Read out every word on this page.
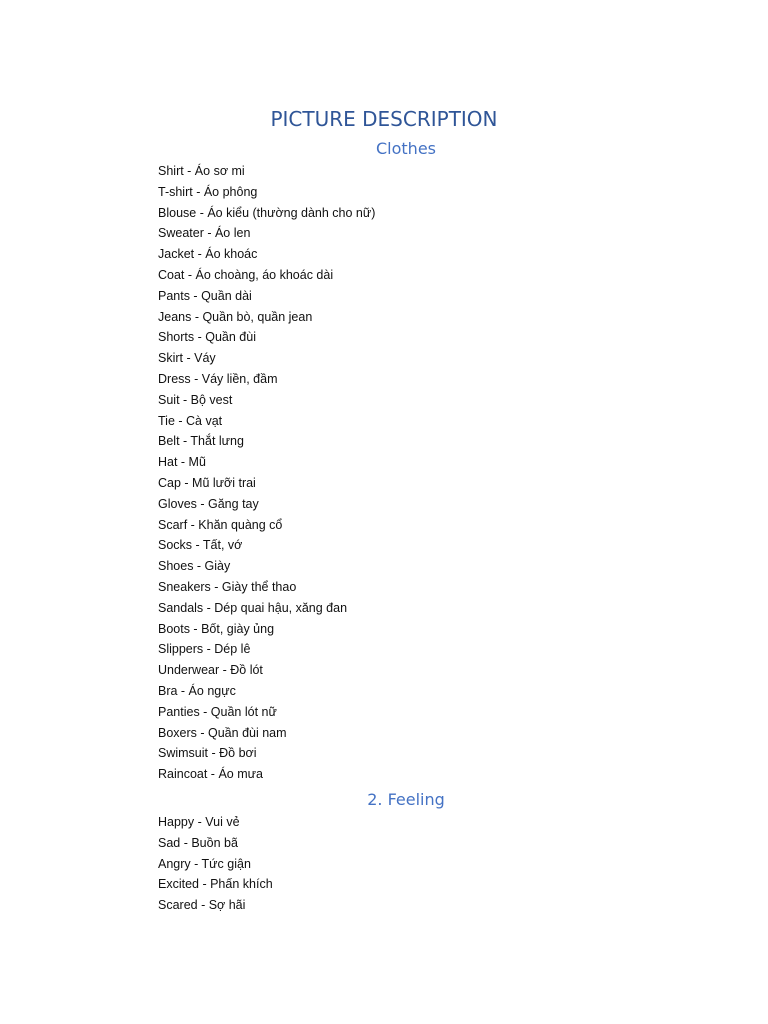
PICTURE DESCRIPTION
Clothes
Shirt - Áo sơ mi
T-shirt - Áo phông
Blouse - Áo kiểu (thường dành cho nữ)
Sweater - Áo len
Jacket - Áo khoác
Coat - Áo choàng, áo khoác dài
Pants - Quần dài
Jeans - Quần bò, quần jean
Shorts - Quần đùi
Skirt - Váy
Dress - Váy liền, đầm
Suit - Bộ vest
Tie - Cà vạt
Belt - Thắt lưng
Hat - Mũ
Cap - Mũ lưỡi trai
Gloves - Găng tay
Scarf - Khăn quàng cổ
Socks - Tất, vớ
Shoes - Giày
Sneakers - Giày thể thao
Sandals - Dép quai hậu, xăng đan
Boots - Bốt, giày ủng
Slippers - Dép lê
Underwear - Đồ lót
Bra - Áo ngực
Panties - Quần lót nữ
Boxers - Quần đùi nam
Swimsuit - Đồ bơi
Raincoat - Áo mưa
2. Feeling
Happy - Vui vẻ
Sad - Buồn bã
Angry - Tức giận
Excited - Phấn khích
Scared - Sợ hãi
